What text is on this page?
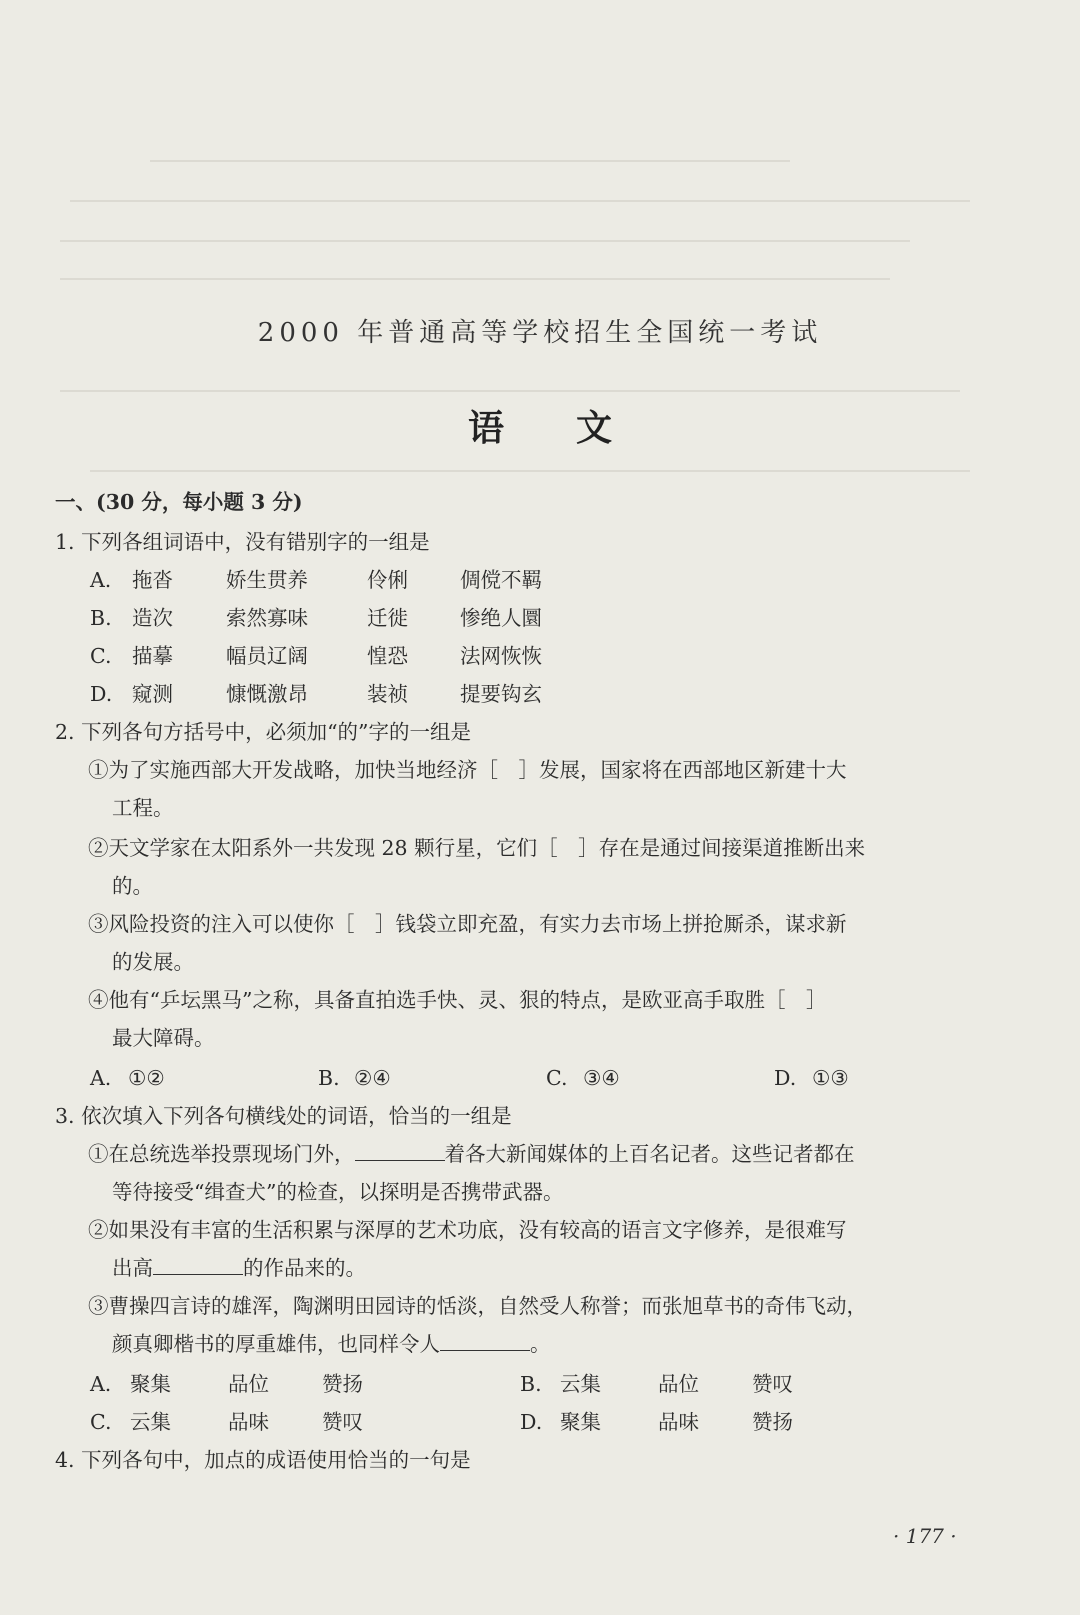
2000 年普通高等学校招生全国统一考试
语文
一、(30 分，每小题 3 分)
1. 下列各组词语中，没有错别字的一组是
A. 拖沓	娇生贯养	伶俐	倜傥不羁
B. 造次	索然寡味	迁徙	惨绝人圜
C. 描摹	幅员辽阔	惶恐	法网恢恢
D. 窥测	慷慨激昂	装祯	提要钩玄
2. 下列各句方括号中，必须加“的”字的一组是
①为了实施西部大开发战略，加快当地经济［　］发展，国家将在西部地区新建十大
工程。
②天文学家在太阳系外一共发现 28 颗行星，它们［　］存在是通过间接渠道推断出来
的。
③风险投资的注入可以使你［　］钱袋立即充盈，有实力去市场上拼抢厮杀，谋求新
的发展。
④他有“乒坛黑马”之称，具备直拍选手快、灵、狠的特点，是欧亚高手取胜［　］
最大障碍。
A. ①②	B. ②④	C. ③④	D. ①③
3. 依次填入下列各句横线处的词语，恰当的一组是
①在总统选举投票现场门外，	着各大新闻媒体的上百名记者。这些记者都在
等待接受“缉查犬”的检查，以探明是否携带武器。
②如果没有丰富的生活积累与深厚的艺术功底，没有较高的语言文字修养，是很难写
出高	的作品来的。
③曹操四言诗的雄浑，陶渊明田园诗的恬淡，自然受人称誉；而张旭草书的奇伟飞动，
颜真卿楷书的厚重雄伟，也同样令人	。
A. 聚集	品位	赞扬	B. 云集	品位	赞叹
C. 云集	品味	赞叹	D. 聚集	品味	赞扬
4. 下列各句中，加点的成语使用恰当的一句是
· 177 ·
